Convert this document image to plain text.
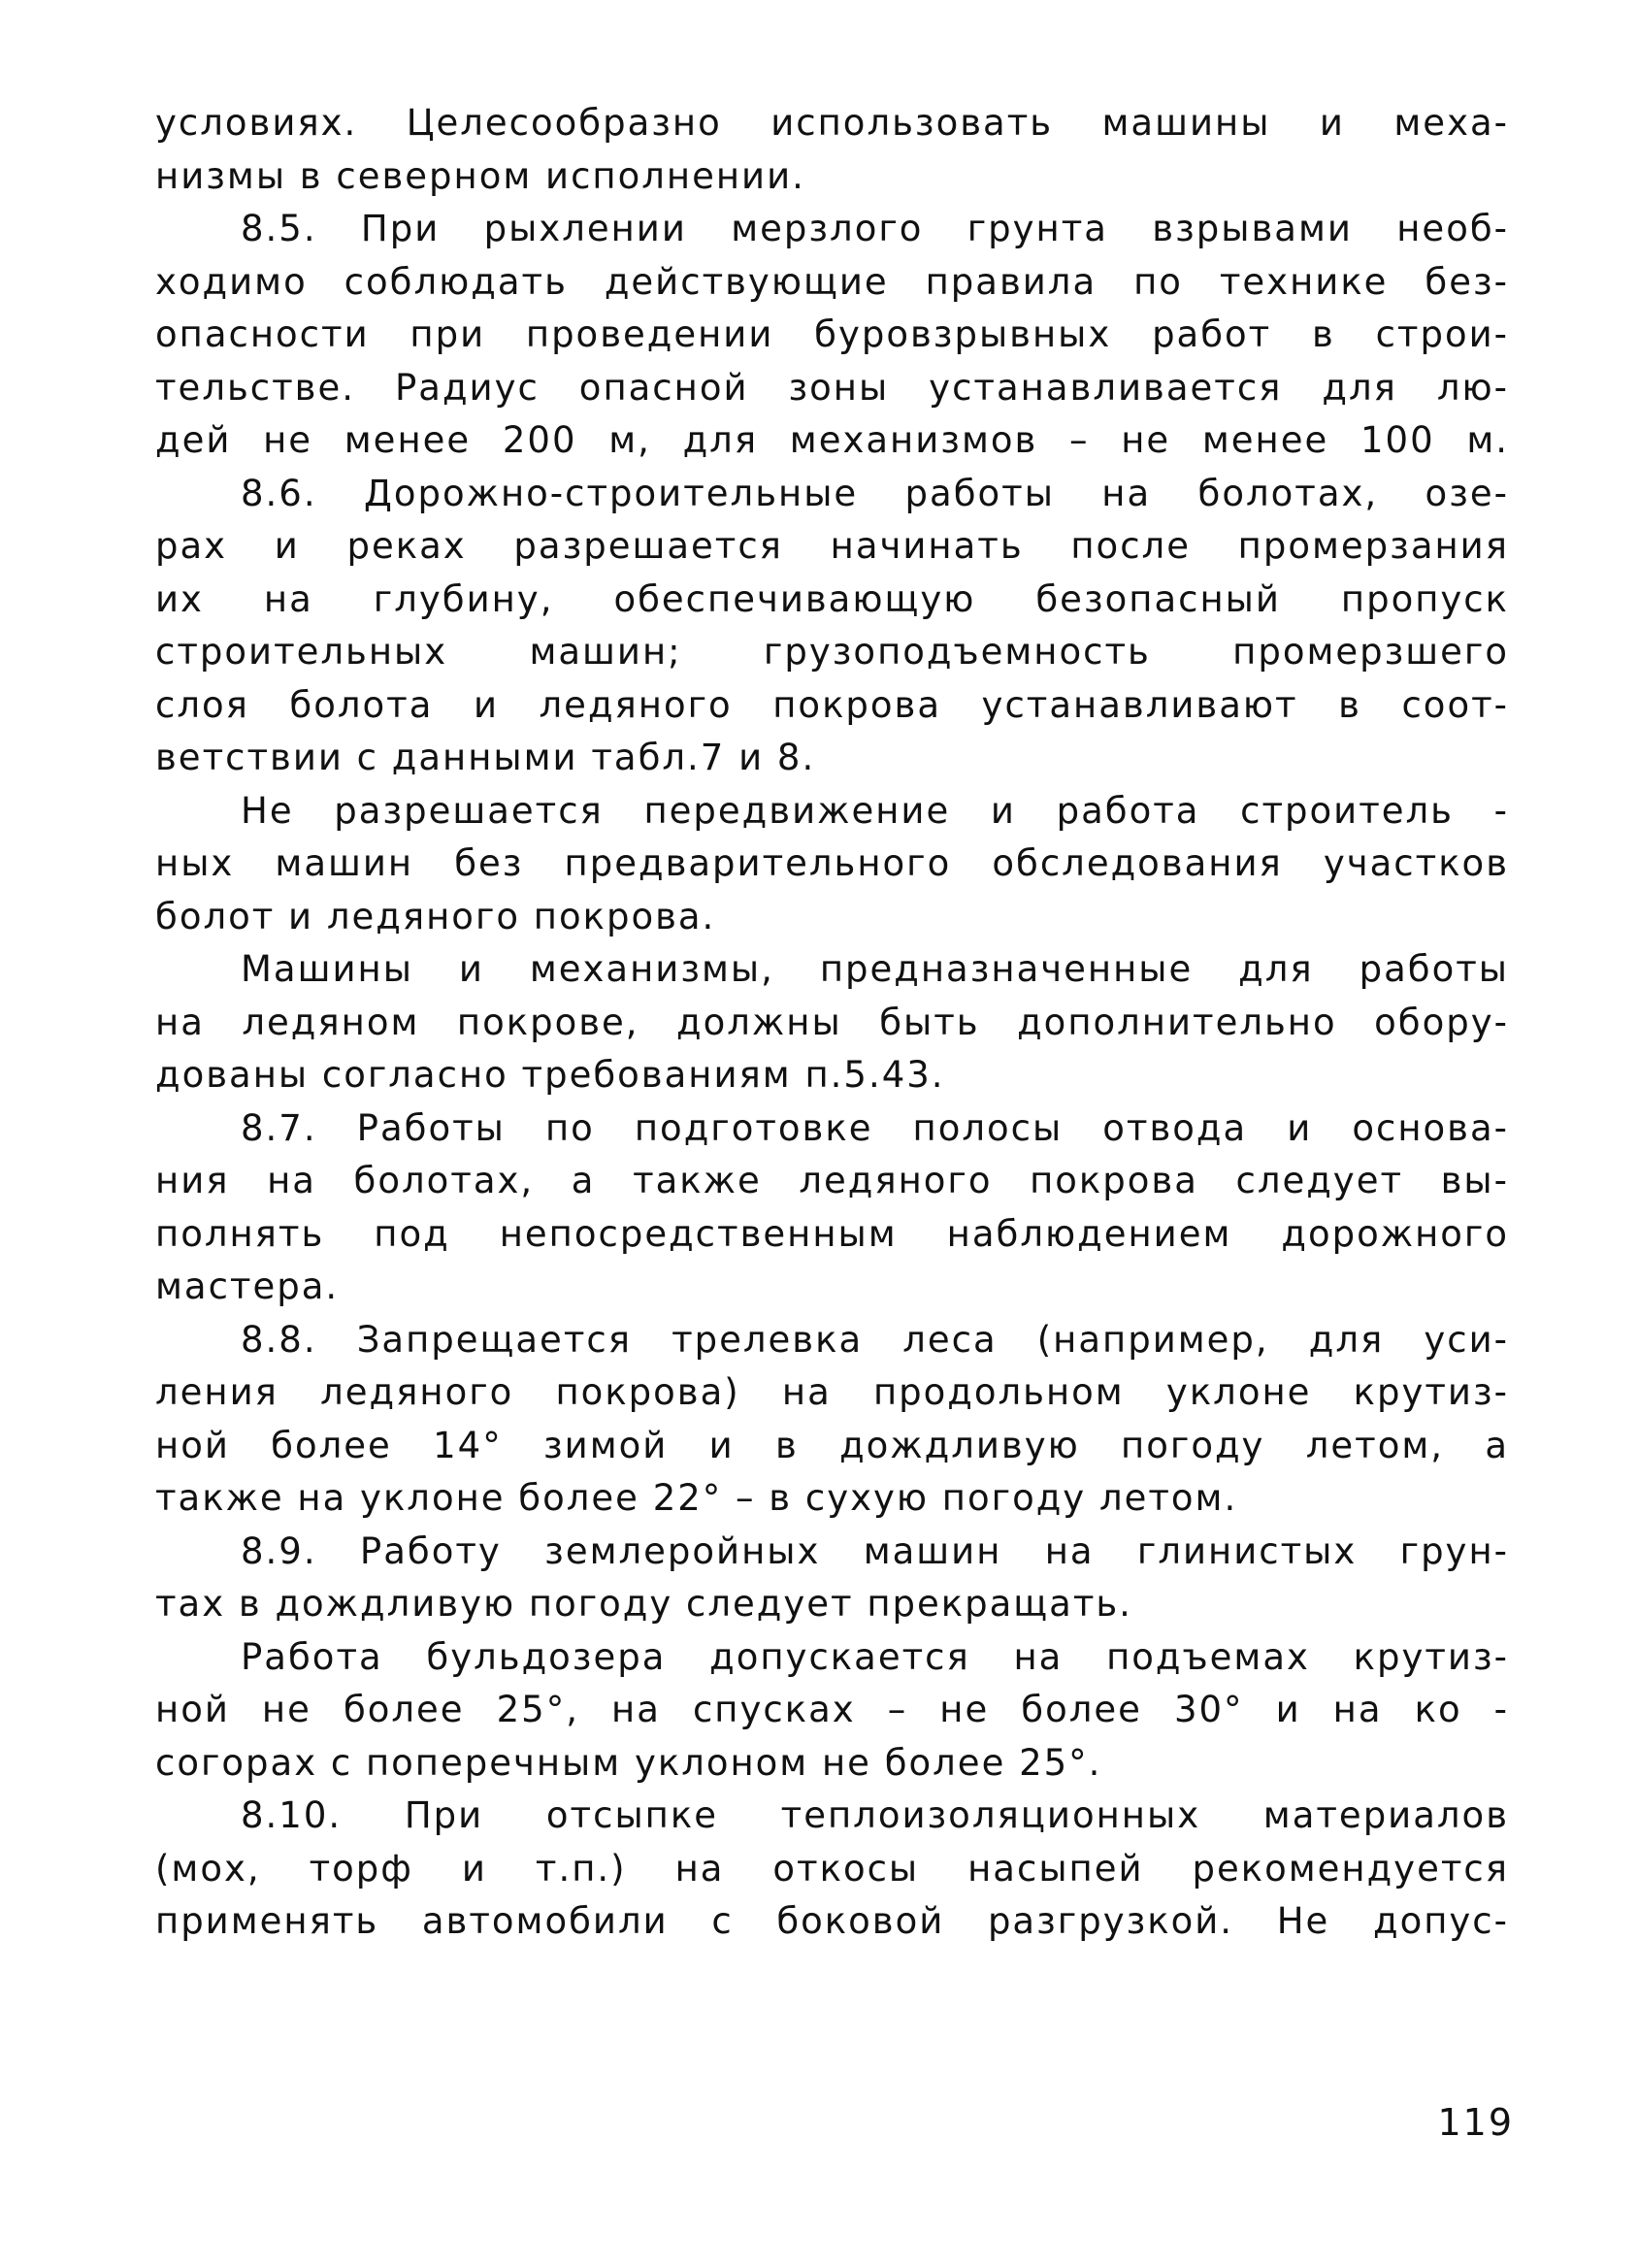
условиях. Целесообразно использовать машины и меха-
низмы в северном исполнении.
8.5. При рыхлении мерзлого грунта взрывами необ-
ходимо соблюдать действующие правила по технике без-
опасности при проведении буровзрывных работ в строи-
тельстве. Радиус опасной зоны устанавливается для лю-
дей не менее 200 м, для механизмов – не менее 100 м.
8.6. Дорожно-строительные работы на болотах, озе-
рах и реках разрешается начинать после промерзания
их на глубину, обеспечивающую безопасный пропуск
строительных машин; грузоподъемность промерзшего
слоя болота и ледяного покрова устанавливают в соот-
ветствии с данными табл.7 и 8.
Не разрешается передвижение и работа строитель -
ных машин без предварительного обследования участков
болот и ледяного покрова.
Машины и механизмы, предназначенные для работы
на ледяном покрове, должны быть дополнительно обору-
дованы согласно требованиям п.5.43.
8.7. Работы по подготовке полосы отвода и основа-
ния на болотах, а также ледяного покрова следует вы-
полнять под непосредственным наблюдением дорожного
мастера.
8.8. Запрещается трелевка леса (например, для уси-
ления ледяного покрова) на продольном уклоне крутиз-
ной более 14° зимой и в дождливую погоду летом, а
также на уклоне более 22° – в сухую погоду летом.
8.9. Работу землеройных машин на глинистых грун-
тах в дождливую погоду следует прекращать.
Работа бульдозера допускается на подъемах крутиз-
ной не более 25°, на спусках – не более 30° и на ко -
согорах с поперечным уклоном не более 25°.
8.10. При отсыпке теплоизоляционных материалов
(мох, торф и т.п.) на откосы насыпей рекомендуется
применять автомобили с боковой разгрузкой. Не допус-
119
